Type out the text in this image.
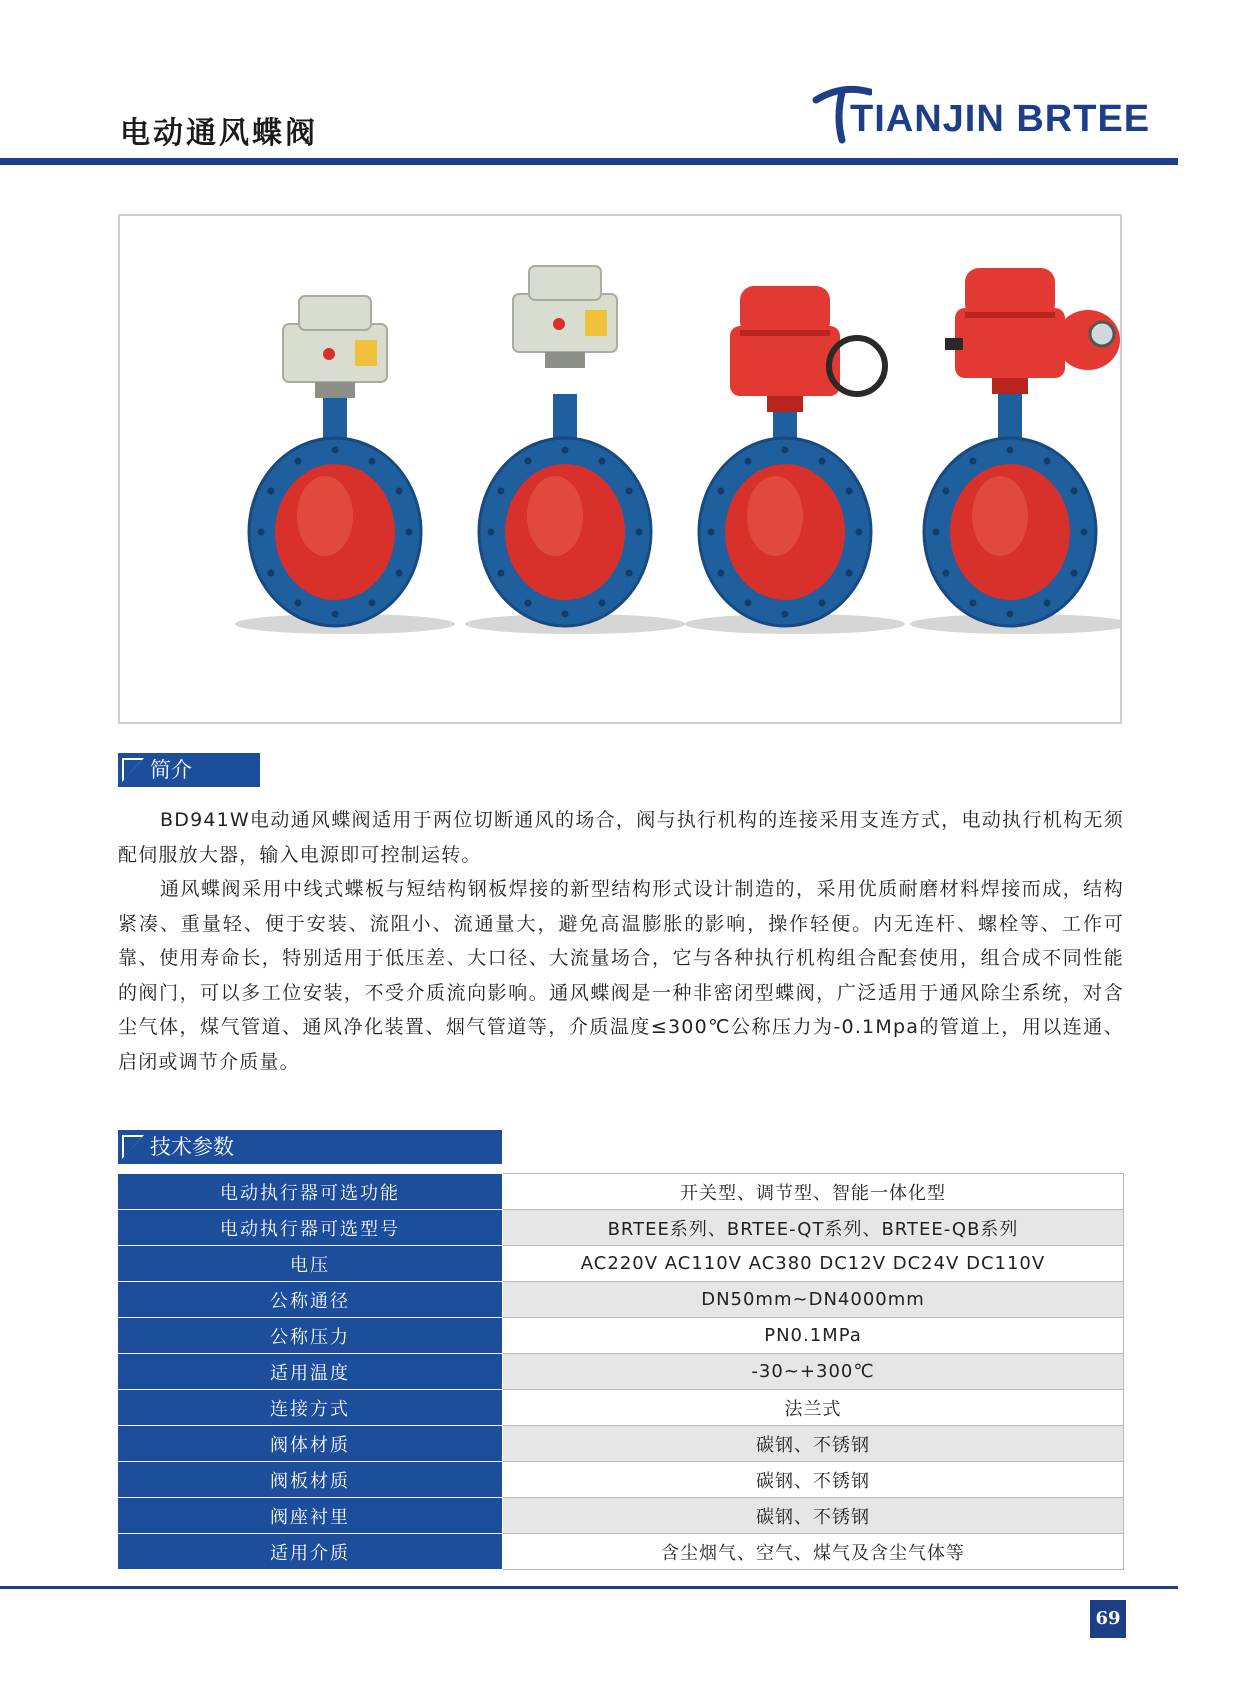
电动通风蝶阀	TIANJIN BRTEE
简介

BD941W电动通风蝶阀适用于两位切断通风的场合，阀与执行机构的连接采用支连方式，电动执行机构无须配伺服放大器，输入电源即可控制运转。

通风蝶阀采用中线式蝶板与短结构钢板焊接的新型结构形式设计制造的，采用优质耐磨材料焊接而成，结构紧凑、重量轻、便于安装、流阻小、流通量大，避免高温膨胀的影响，操作轻便。内无连杆、螺栓等、工作可靠、使用寿命长，特别适用于低压差、大口径、大流量场合，它与各种执行机构组合配套使用，组合成不同性能的阀门，可以多工位安装，不受介质流向影响。通风蝶阀是一种非密闭型蝶阀，广泛适用于通风除尘系统，对含尘气体，煤气管道、通风净化装置、烟气管道等，介质温度≤300℃公称压力为-0.1Mpa的管道上，用以连通、启闭或调节介质量。

技术参数
电动执行器可选功能	开关型、调节型、智能一体化型
电动执行器可选型号	BRTEE系列、BRTEE-QT系列、BRTEE-QB系列
电压	AC220V AC110V AC380 DC12V DC24V DC110V
公称通径	DN50mm~DN4000mm
公称压力	PN0.1MPa
适用温度	-30~+300℃
连接方式	法兰式
阀体材质	碳钢、不锈钢
阀板材质	碳钢、不锈钢
阀座衬里	碳钢、不锈钢
适用介质	含尘烟气、空气、煤气及含尘气体等
69
